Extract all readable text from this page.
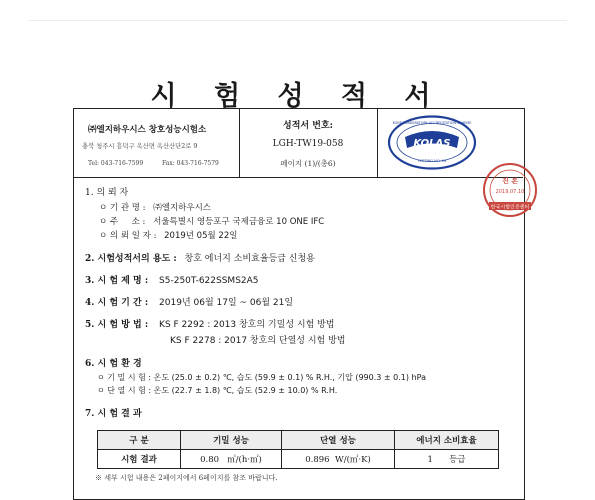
시 험 성 적 서
㈜엘지하우시스 창호성능시험소
충북 청주시 흥덕구 옥산면 옥산산단2로 9
Tel: 043-716-7599	Fax: 043-716-7579
성적서 번호:
LGH-TW19-058
페이지 (1)/(총6)
KOLAS
KOREA LABORATORY ACCREDITATION SCHEME
TESTING NO. KS
1. 의 뢰 자
ㅇ 기 관 명 : ㈜엘지하우시스
ㅇ 주     소 : 서울특별시 영등포구 국제금융로 10 ONE IFC
ㅇ 의 뢰 일 자 : 2019년 05월 22일
2. 시험성적서의 용도 : 창호 에너지 소비효율등급 신청용
3. 시 험 제 명 : S5-250T-622SSMS2A5
4. 시 험 기 간 : 2019년 06월 17일 ~ 06월 21일
5. 시 험 방 법 : KS F 2292 : 2013 창호의 기밀성 시험 방법
KS F 2278 : 2017 창호의 단열성 시험 방법
6. 시 험 환 경
ㅇ 기 밀 시 험 : 온도 (25.0 ± 0.2) ℃, 습도 (59.9 ± 0.1) % R.H., 기압 (990.3 ± 0.1) hPa
ㅇ 단 열 시 험 : 온도 (22.7 ± 1.8) ℃, 습도 (52.9 ± 10.0) % R.H.
7. 시 험 결 과
구 분	기밀 성능	단열 성능	에너지 소비효율
시험 결과	0.80   ㎥/(h·㎡)	0.896  W/(㎡·K)	1      등급
※ 세부 시험 내용은 2페이지에서 6페이지를 참조 바랍니다.
진 본
2019.07.10
한국시험인증센터
